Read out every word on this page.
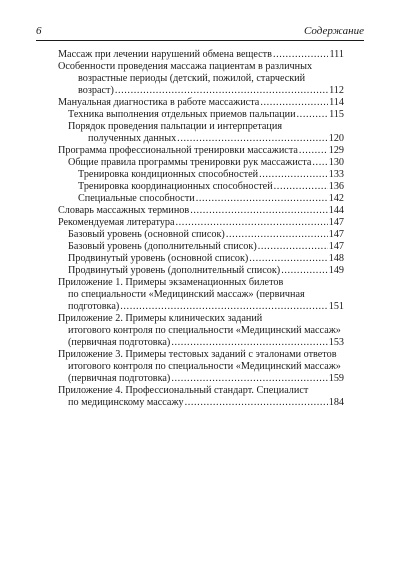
6	Содержание
Массаж при лечении нарушений обмена веществ .....	111
Особенности проведения массажа пациентам в различных
возрастные периоды (детский, пожилой, старческий
возраст) .....	112
Мануальная диагностика в работе массажиста .....	114
Техника выполнения отдельных приемов пальпации .....	115
Порядок проведения пальпации и интерпретация
полученных данных .....	120
Программа профессиональной тренировки массажиста .....	129
Общие правила программы тренировки рук массажиста ..... 130
Тренировка кондиционных способностей .....	133
Тренировка координационных способностей .....	136
Специальные способности .....	142
Словарь массажных терминов .....	144
Рекомендуемая литература .....	147
Базовый уровень (основной список) .....	147
Базовый уровень (дополнительный список) .....	147
Продвинутый уровень (основной список) .....	148
Продвинутый уровень (дополнительный список) .....	149
Приложение 1. Примеры экзаменационных билетов
по специальности «Медицинский массаж» (первичная
подготовка) .....	151
Приложение 2. Примеры клинических заданий
итогового контроля по специальности «Медицинский массаж»
(первичная подготовка) .....	153
Приложение 3. Примеры тестовых заданий с эталонами ответов
итогового контроля по специальности «Медицинский массаж»
(первичная подготовка) .....	159
Приложение 4. Профессиональный стандарт. Специалист
по медицинскому массажу .....	184
